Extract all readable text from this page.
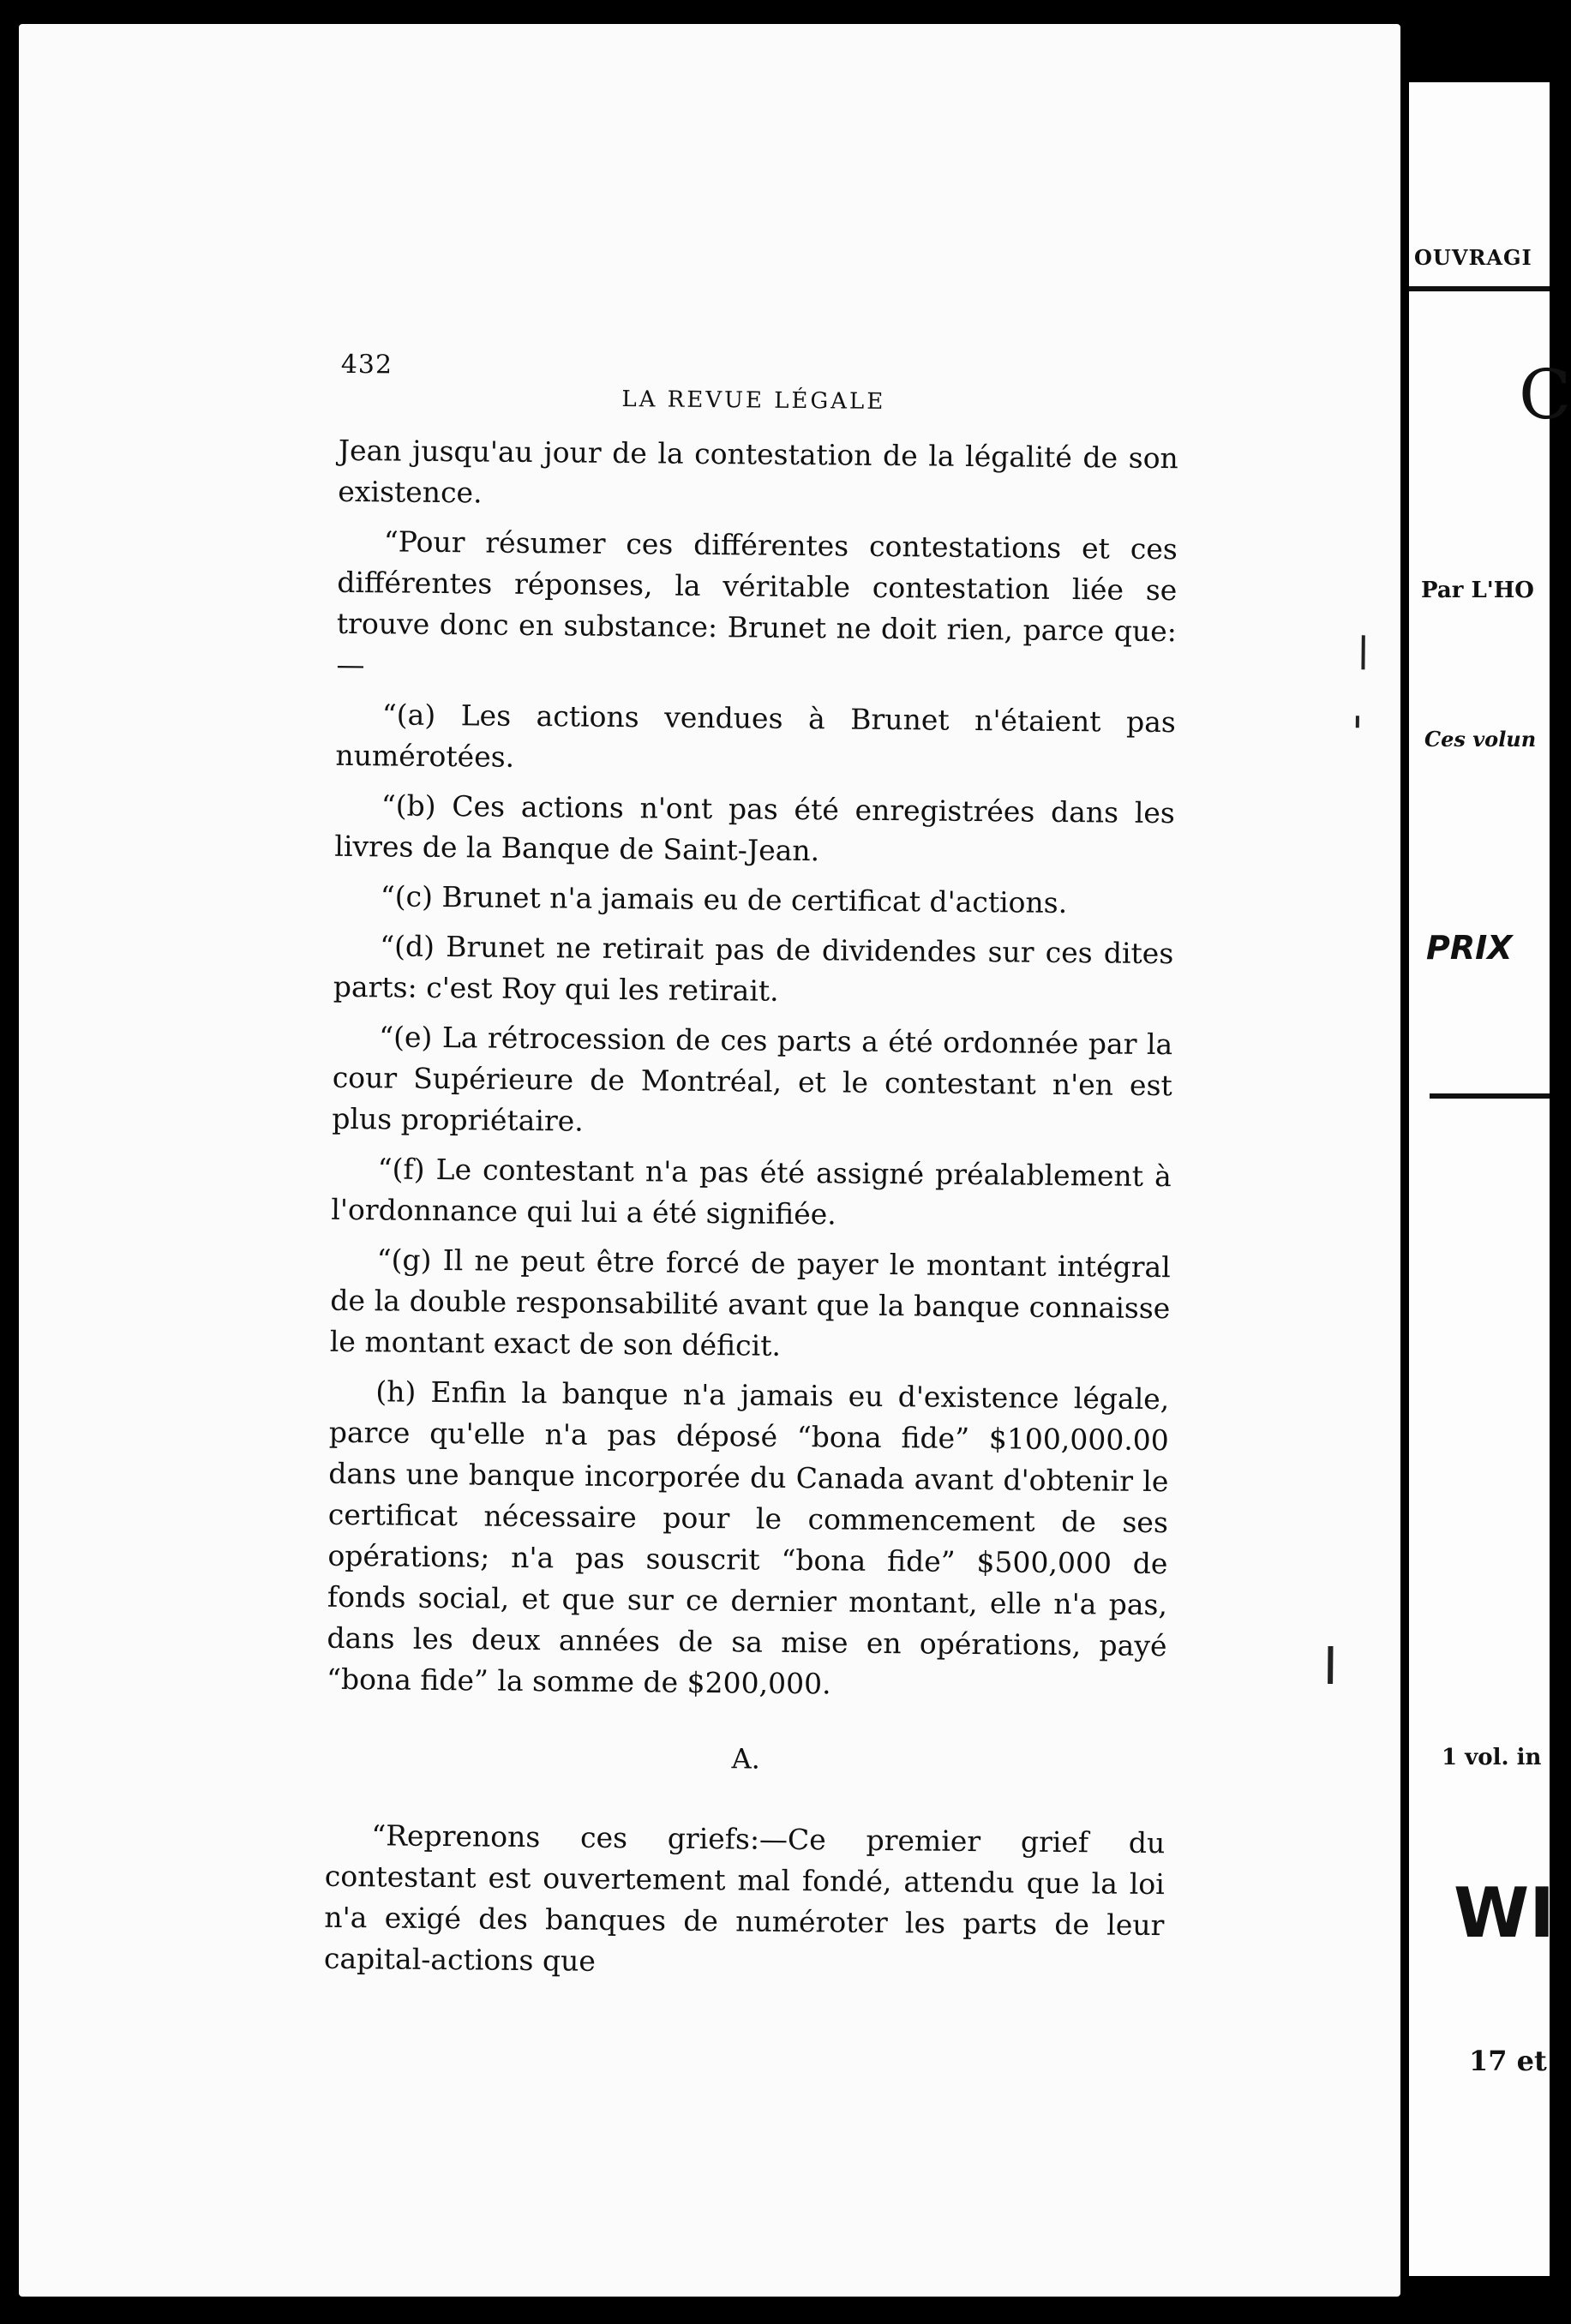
432
LA REVUE LÉGALE

Jean jusqu'au jour de la contestation de la légalité de son existence.

“Pour résumer ces différentes contestations et ces différentes réponses, la véritable contestation liée se trouve donc en substance: Brunet ne doit rien, parce que:—

“(a) Les actions vendues à Brunet n'étaient pas numérotées.

“(b) Ces actions n'ont pas été enregistrées dans les livres de la Banque de Saint-Jean.

“(c) Brunet n'a jamais eu de certificat d'actions.

“(d) Brunet ne retirait pas de dividendes sur ces dites parts: c'est Roy qui les retirait.

“(e) La rétrocession de ces parts a été ordonnée par la cour Supérieure de Montréal, et le contestant n'en est plus propriétaire.

“(f) Le contestant n'a pas été assigné préalablement à l'ordonnance qui lui a été signifiée.

“(g) Il ne peut être forcé de payer le montant intégral de la double responsabilité avant que la banque connaisse le montant exact de son déficit.

(h) Enfin la banque n'a jamais eu d'existence légale, parce qu'elle n'a pas déposé “bona fide” $100,000.00 dans une banque incorporée du Canada avant d'obtenir le certificat nécessaire pour le commencement de ses opérations; n'a pas souscrit “bona fide” $500,000 de fonds social, et que sur ce dernier montant, elle n'a pas, dans les deux années de sa mise en opérations, payé “bona fide” la somme de $200,000.

A.

“Reprenons ces griefs:—Ce premier grief du contestant est ouvertement mal fondé, attendu que la loi n'a exigé des banques de numéroter les parts de leur capital-actions que

OUVRAGI
C
Par L'HO
Ces volun
PRIX
1 vol. in
WI
17 et
